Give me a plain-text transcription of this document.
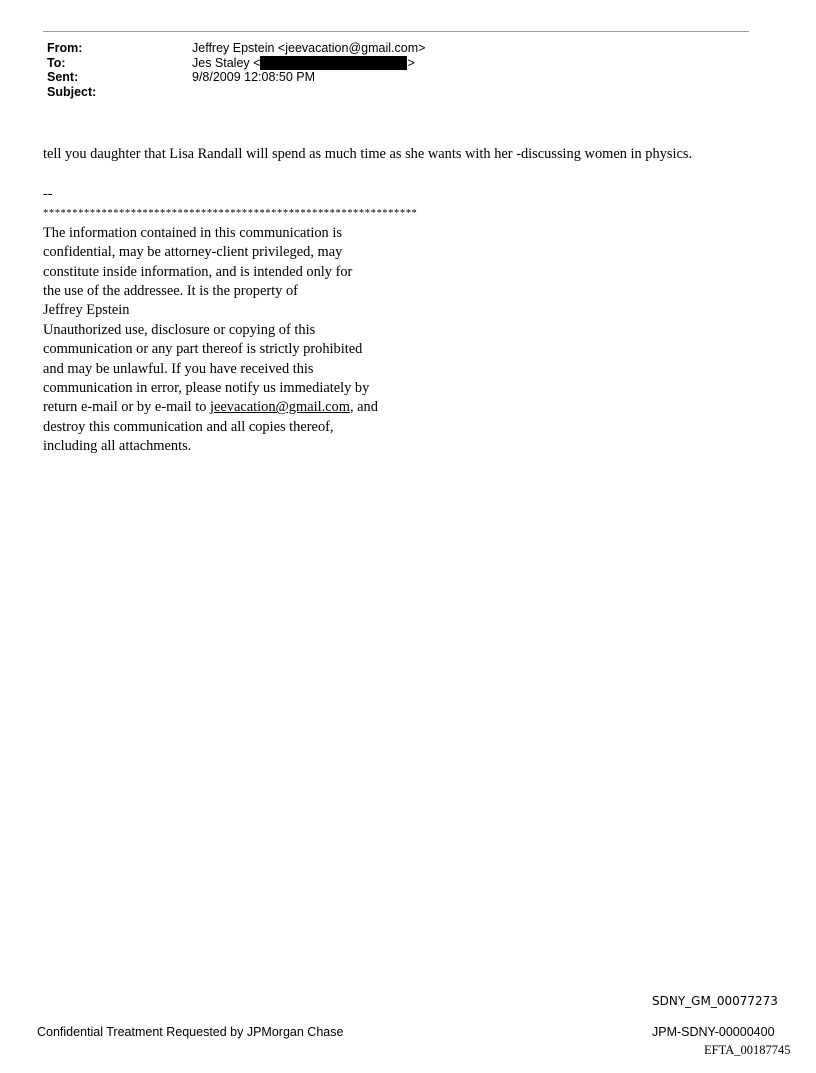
From:	Jeffrey Epstein <jeevacation@gmail.com>
To:	Jes Staley <	>
Sent:	9/8/2009 12:08:50 PM
Subject:
tell you daughter that Lisa Randall will spend as much time as she wants with her -discussing women in physics.
--
****************************************************************
The information contained in this communication is
confidential, may be attorney-client privileged, may
constitute inside information, and is intended only for
the use of the addressee. It is the property of
Jeffrey Epstein
Unauthorized use, disclosure or copying of this
communication or any part thereof is strictly prohibited
and may be unlawful. If you have received this
communication in error, please notify us immediately by
return e-mail or by e-mail to jeevacation@gmail.com, and
destroy this communication and all copies thereof,
including all attachments.
SDNY_GM_00077273
Confidential Treatment Requested by JPMorgan Chase	JPM-SDNY-00000400
EFTA_00187745
